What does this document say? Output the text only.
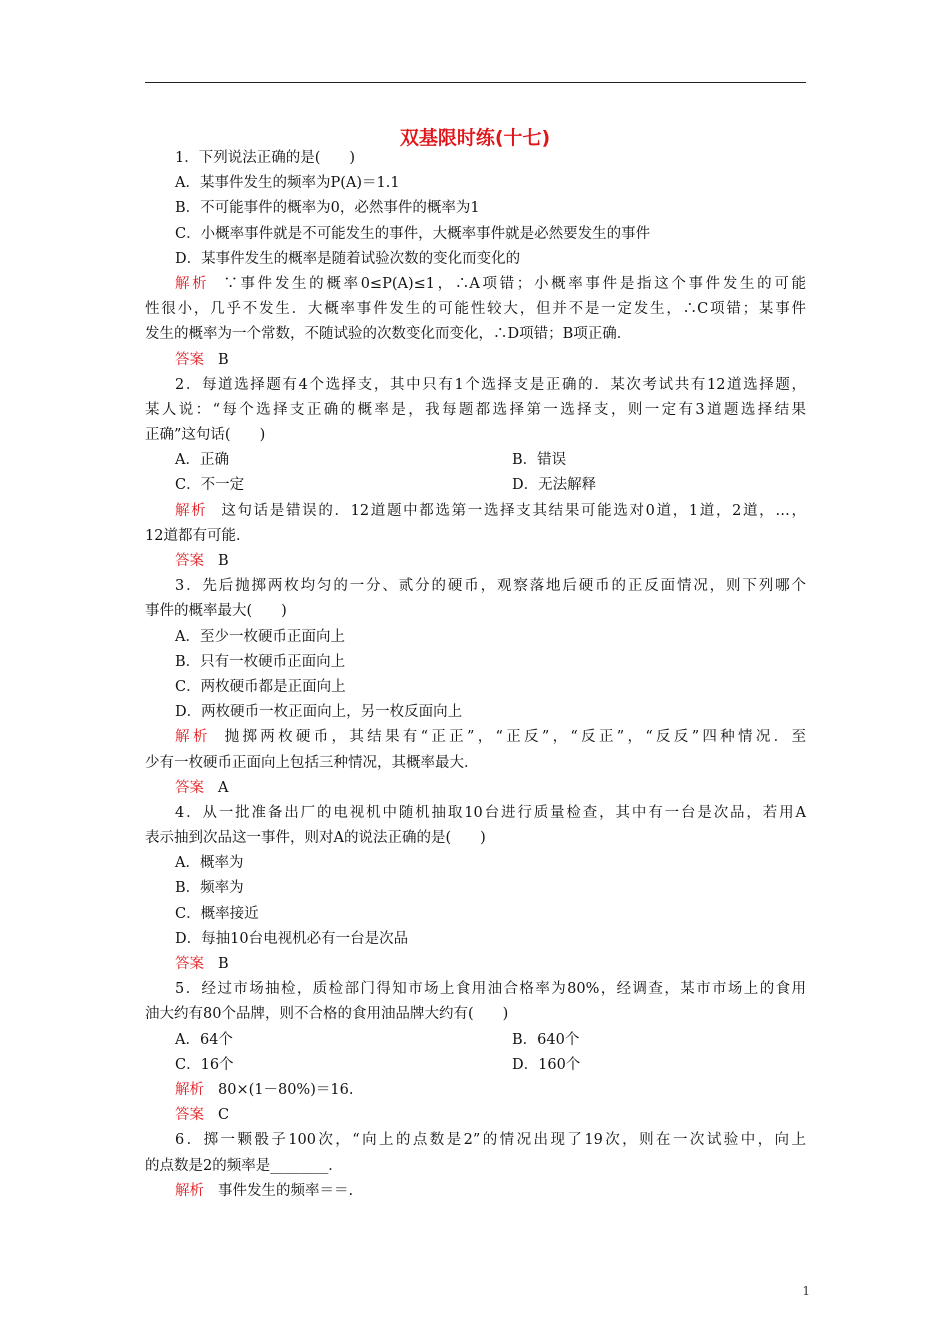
双基限时练(十七)
1．下列说法正确的是(　　)
A．某事件发生的频率为P(A)＝1.1
B．不可能事件的概率为0，必然事件的概率为1
C．小概率事件就是不可能发生的事件，大概率事件就是必然要发生的事件
D．某事件发生的概率是随着试验次数的变化而变化的
解析 ∵事件发生的概率0≤P(A)≤1，∴A项错；小概率事件是指这个事件发生的可能
性很小，几乎不发生．大概率事件发生的可能性较大，但并不是一定发生，∴C项错；某事件
发生的概率为一个常数，不随试验的次数变化而变化，∴D项错；B项正确．
答案 B
2．每道选择题有4个选择支，其中只有1个选择支是正确的．某次考试共有12道选择题，
某人说：“每个选择支正确的概率是，我每题都选择第一选择支，则一定有3道题选择结果
正确”这句话(　　)
A．正确	B．错误
C．不一定	D．无法解释
解析 这句话是错误的．12道题中都选第一选择支其结果可能选对0道，1道，2道，…，
12道都有可能．
答案 B
3．先后抛掷两枚均匀的一分、贰分的硬币，观察落地后硬币的正反面情况，则下列哪个
事件的概率最大(　　)
A．至少一枚硬币正面向上
B．只有一枚硬币正面向上
C．两枚硬币都是正面向上
D．两枚硬币一枚正面向上，另一枚反面向上
解析 抛掷两枚硬币，其结果有“正正”，“正反”，“反正”，“反反”四种情况．至
少有一枚硬币正面向上包括三种情况，其概率最大．
答案 A
4．从一批准备出厂的电视机中随机抽取10台进行质量检查，其中有一台是次品，若用A
表示抽到次品这一事件，则对A的说法正确的是(　　)
A．概率为
B．频率为
C．概率接近
D．每抽10台电视机必有一台是次品
答案 B
5．经过市场抽检，质检部门得知市场上食用油合格率为80%，经调查，某市市场上的食用
油大约有80个品牌，则不合格的食用油品牌大约有(　　)
A．64个	B．640个
C．16个	D．160个
解析 80×(1－80%)＝16.
答案 C
6．掷一颗骰子100次，“向上的点数是2”的情况出现了19次，则在一次试验中，向上
的点数是2的频率是________．
解析 事件发生的频率＝＝.
1
